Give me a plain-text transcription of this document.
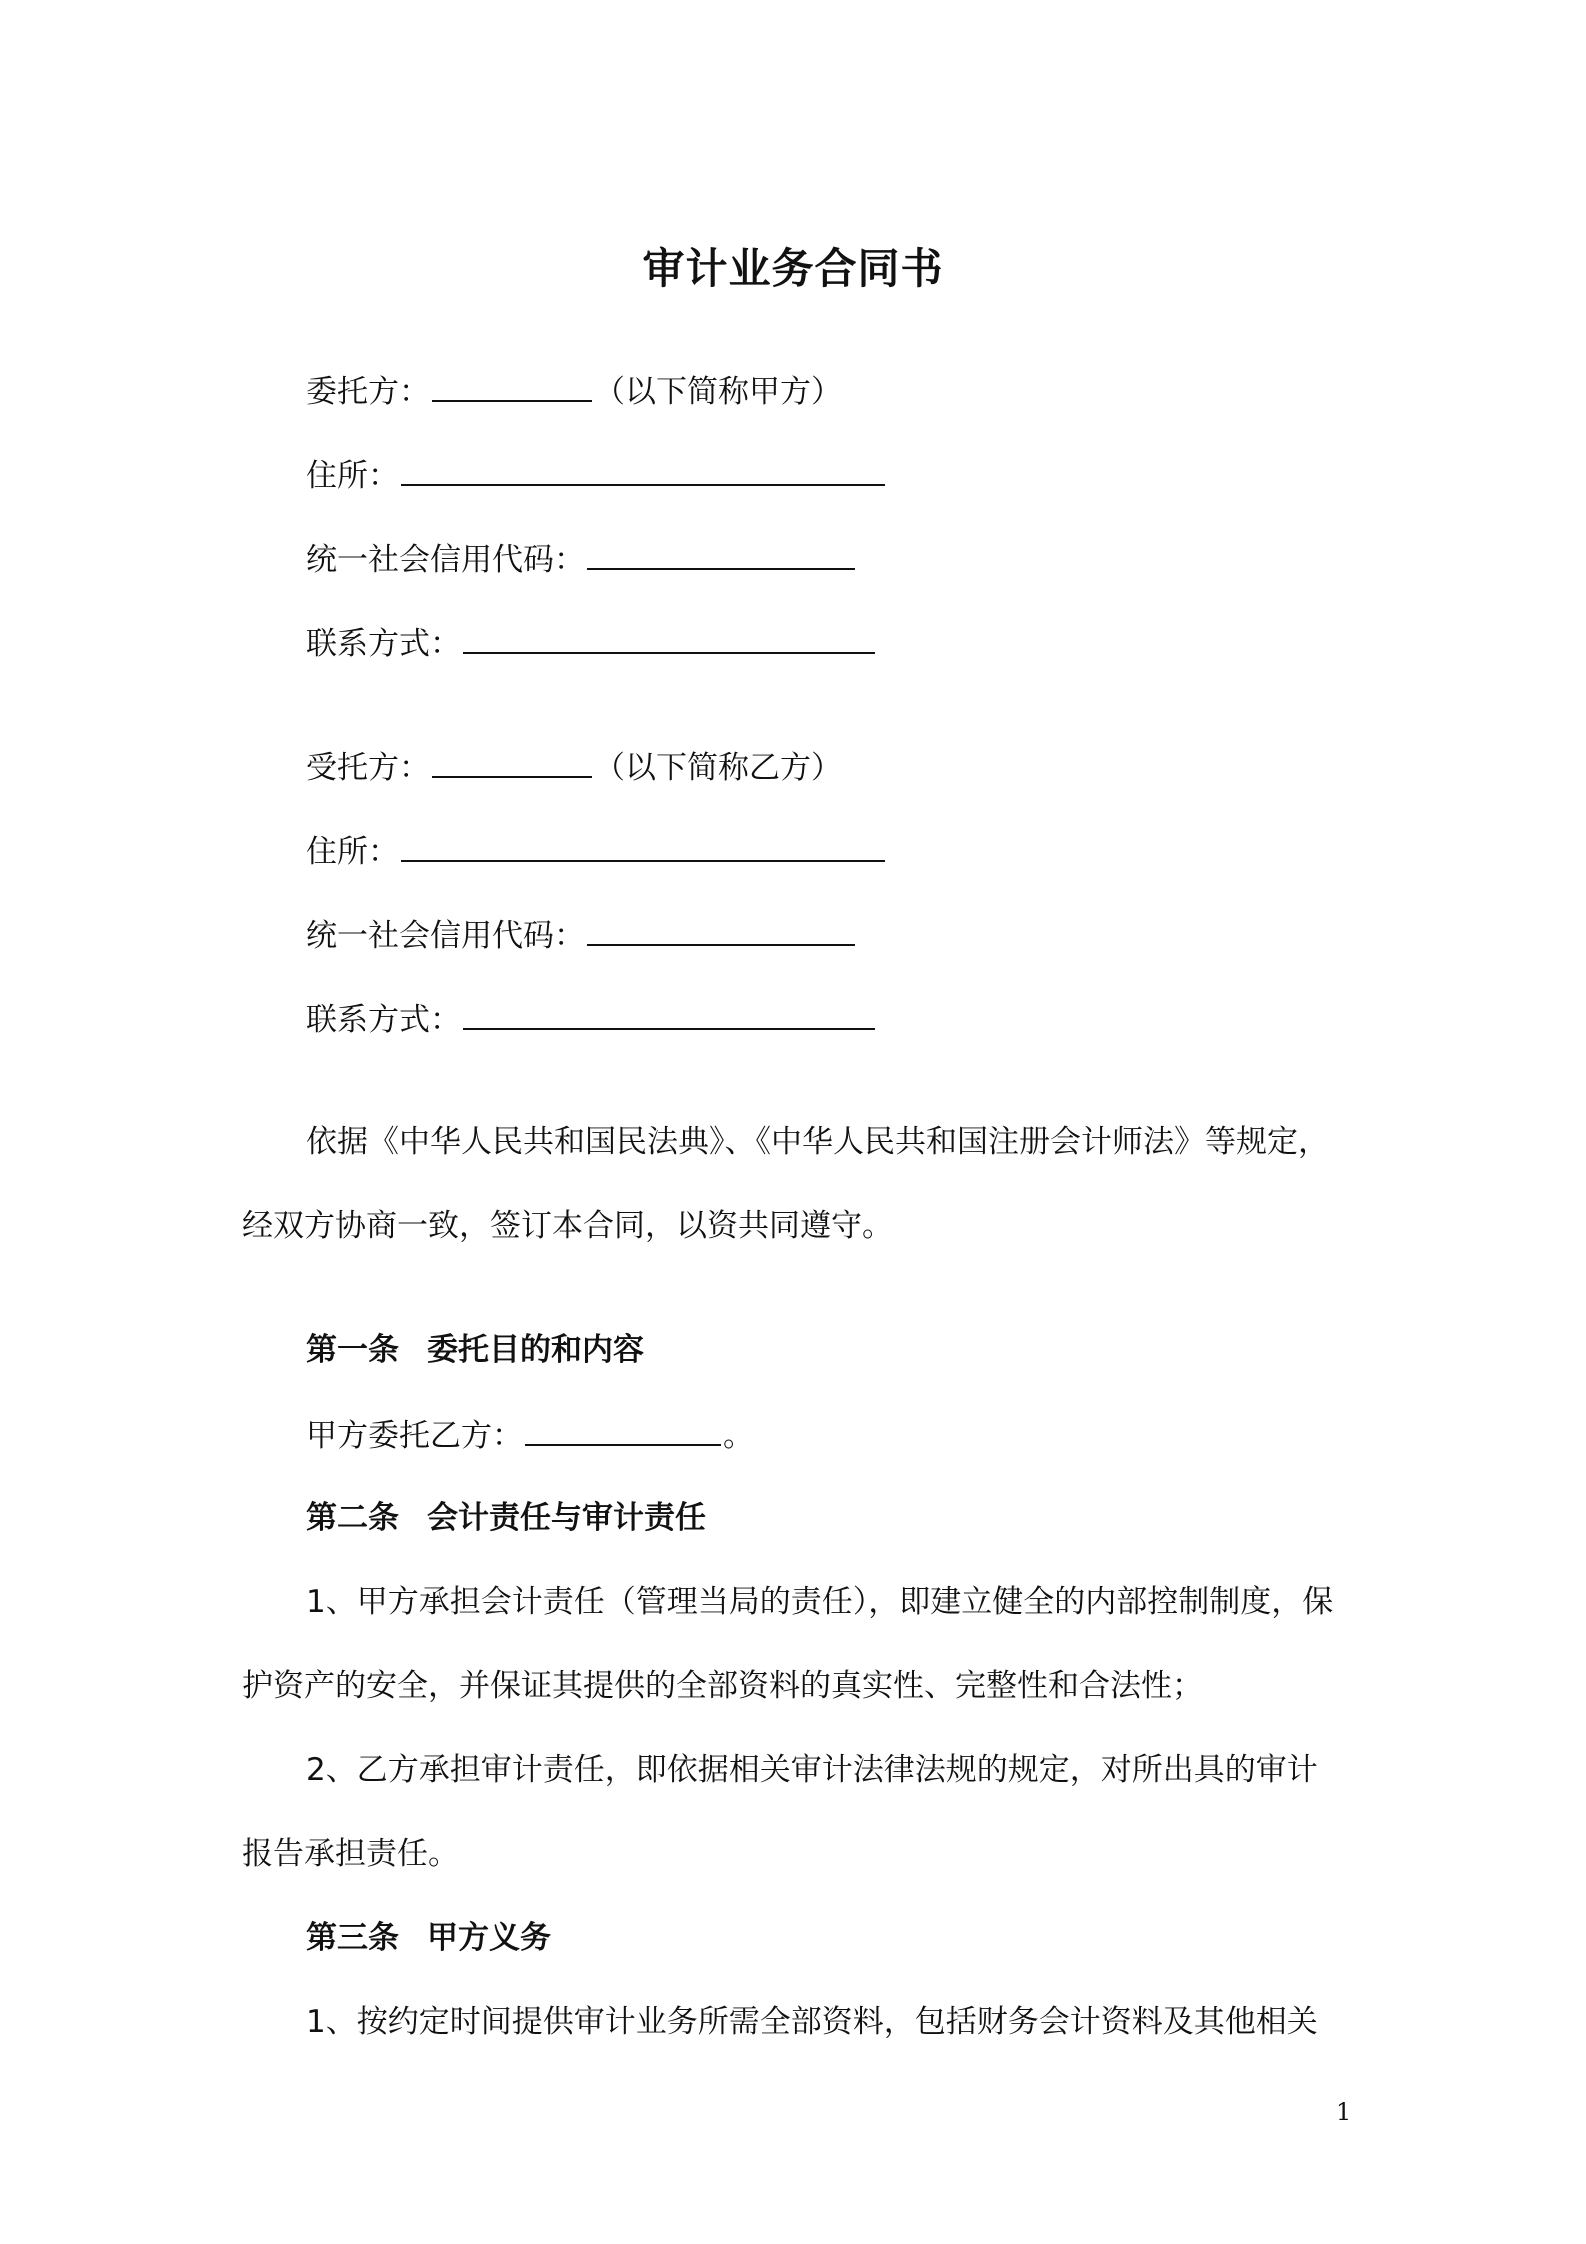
审计业务合同书
委托方：	（以下简称甲方）
住所：
统一社会信用代码：
联系方式：
受托方：	（以下简称乙方）
住所：
统一社会信用代码：
联系方式：
依据《中华人民共和国民法典》、《中华人民共和国注册会计师法》等规定，
经双方协商一致，签订本合同，以资共同遵守。
第一条 委托目的和内容
甲方委托乙方：	。
第二条 会计责任与审计责任
1、甲方承担会计责任（管理当局的责任），即建立健全的内部控制制度，保
护资产的安全，并保证其提供的全部资料的真实性、完整性和合法性；
2、乙方承担审计责任，即依据相关审计法律法规的规定，对所出具的审计
报告承担责任。
第三条 甲方义务
1、按约定时间提供审计业务所需全部资料，包括财务会计资料及其他相关
1
